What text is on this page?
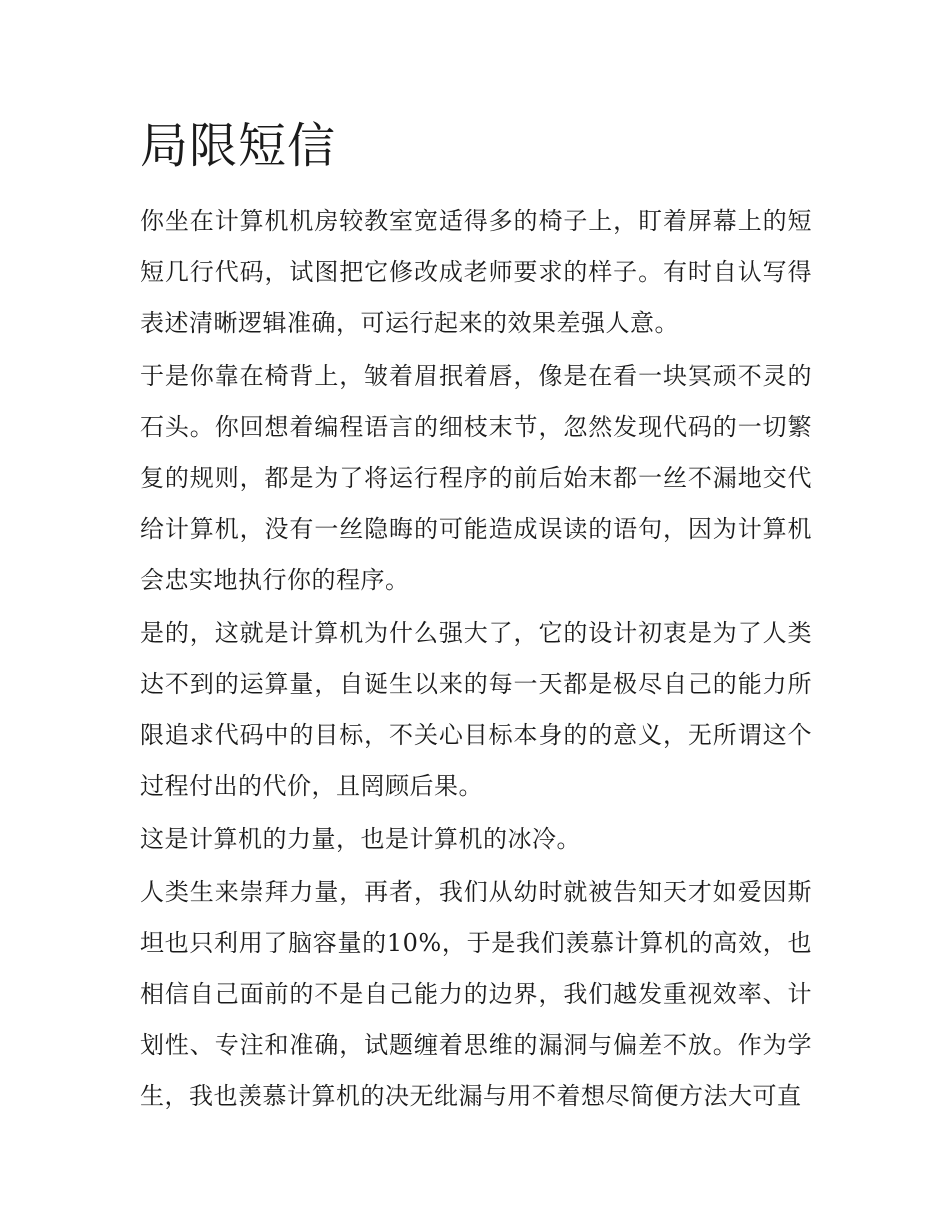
局限短信

你坐在计算机机房较教室宽适得多的椅子上，盯着屏幕上的短短几行代码，试图把它修改成老师要求的样子。有时自认写得表述清晰逻辑准确，可运行起来的效果差强人意。

于是你靠在椅背上，皱着眉抿着唇，像是在看一块冥顽不灵的石头。你回想着编程语言的细枝末节，忽然发现代码的一切繁复的规则，都是为了将运行程序的前后始末都一丝不漏地交代给计算机，没有一丝隐晦的可能造成误读的语句，因为计算机会忠实地执行你的程序。

是的，这就是计算机为什么强大了，它的设计初衷是为了人类达不到的运算量，自诞生以来的每一天都是极尽自己的能力所限追求代码中的目标，不关心目标本身的的意义，无所谓这个过程付出的代价，且罔顾后果。

这是计算机的力量，也是计算机的冰冷。

人类生来崇拜力量，再者，我们从幼时就被告知天才如爱因斯坦也只利用了脑容量的10%，于是我们羡慕计算机的高效，也相信自己面前的不是自己能力的边界，我们越发重视效率、计划性、专注和准确，试题缠着思维的漏洞与偏差不放。作为学生，我也羡慕计算机的决无纰漏与用不着想尽简便方法大可直
